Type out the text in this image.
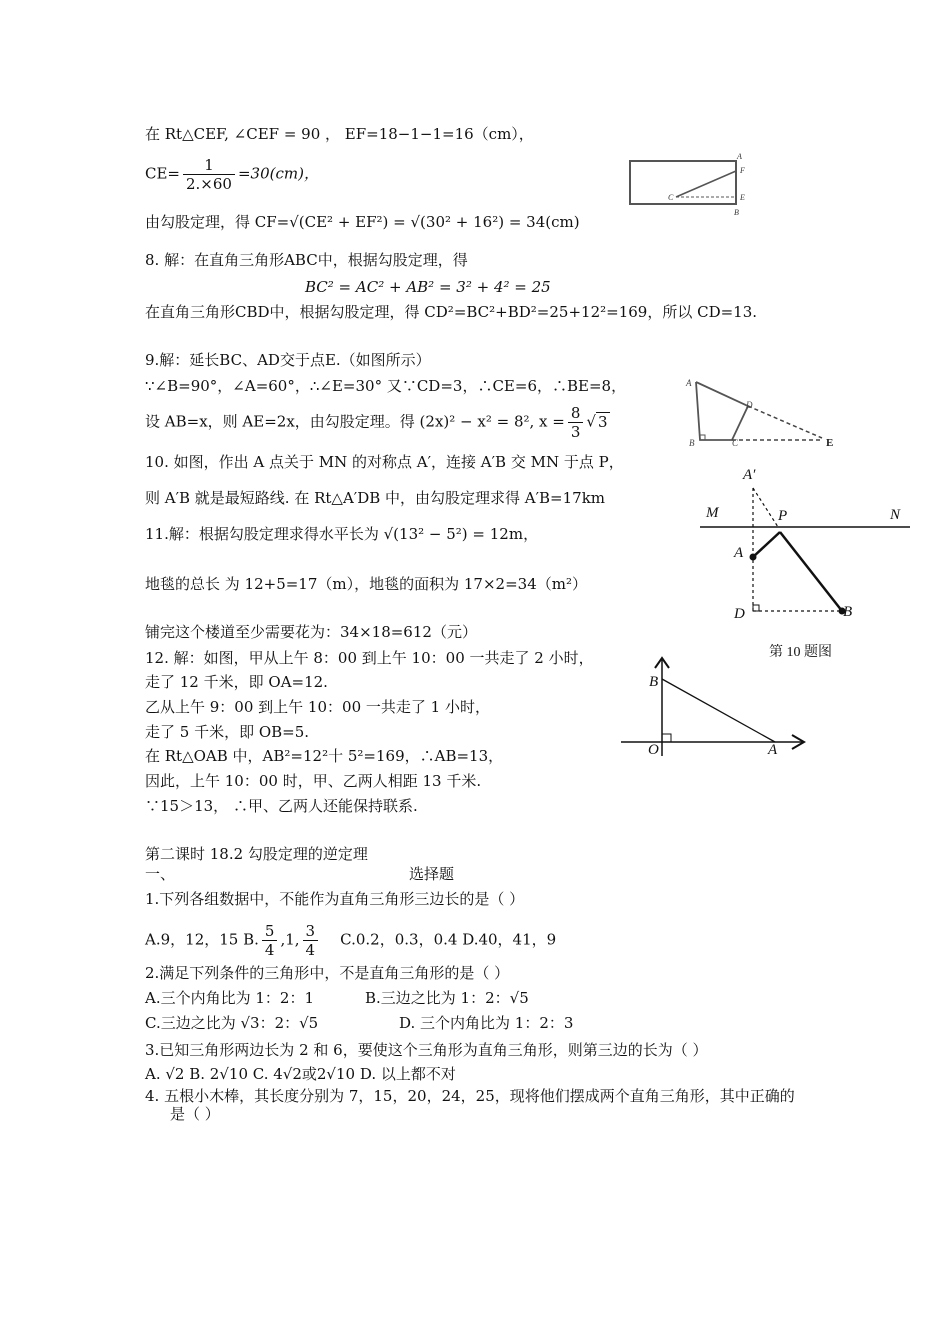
在 Rt△CEF, ∠CEF = 90 ， EF=18−1−1=16（cm），
$CE= \frac{1}{2.\times 60} =30(cm)$，
由勾股定理，得 CF=√(CE² + EF²) = √(30² + 16²) = 34(cm)
8. 解：在直角三角形ABC中，根据勾股定理，得
BC² = AC² + AB² = 3² + 4² = 25
在直角三角形CBD中，根据勾股定理，得 CD²=BC²+BD²=25+12²=169，所以 CD=13.
9.解：延长BC、AD交于点E.（如图所示）
∵∠B=90°，∠A=60°，∴∠E=30° 又∵CD=3，∴CE=6，∴BE=8，
设 AB=x，则 AE=2x，由勾股定理。得 (2x)² − x² = 8², $x = \frac{8}{3}$ √ 3
10. 如图，作出 A 点关于 MN 的对称点 A′，连接 A′B 交 MN 于点 P，
则 A′B 就是最短路线. 在 Rt△A′DB 中，由勾股定理求得 A′B=17km
11.解：根据勾股定理求得水平长为 √(13² − 5²) = 12m，
地毯的总长 为 12+5=17（m），地毯的面积为 17×2=34（m²）
铺完这个楼道至少需要花为：34×18=612（元）
12. 解：如图，甲从上午 8：00 到上午 10：00 一共走了 2 小时，
走了 12 千米，即 OA=12.
乙从上午 9：00 到上午 10：00 一共走了 1 小时，
走了 5 千米，即 OB=5.
在 Rt△OAB 中，AB²=12²十 5²=169，∴AB=13，
因此，上午 10：00 时，甲、乙两人相距 13 千米.
∵15＞13， ∴甲、乙两人还能保持联系.
第二课时 18.2 勾股定理的逆定理
一、	选择题
1.下列各组数据中，不能作为直角三角形三边长的是（ ）
A.9，12，15 B. $\frac{5}{4} ,1$, $\frac{3}{4} C.0.2$，0.3，0.4 D.40，41，9
2.满足下列条件的三角形中，不是直角三角形的是（ ）
A.三个内角比为 1：2：1	B.三边之比为 1：2：√5
C.三边之比为 √3：2：√5	D. 三个内角比为 1：2：3
3.已知三角形两边长为 2 和 6，要使这个三角形为直角三角形，则第三边的长为（ ）
A. √2 B. 2√10 C. 4√2或2√10 D. 以上都不对
4. 五根小木棒，其长度分别为 7，15，20，24，25，现将他们摆成两个直角三角形，其中正确的
是（ ）
A
F
C	E
B
A
D
B	C	E
A′
M	P	N
A
D	B
第 10 题图
B
O	A
